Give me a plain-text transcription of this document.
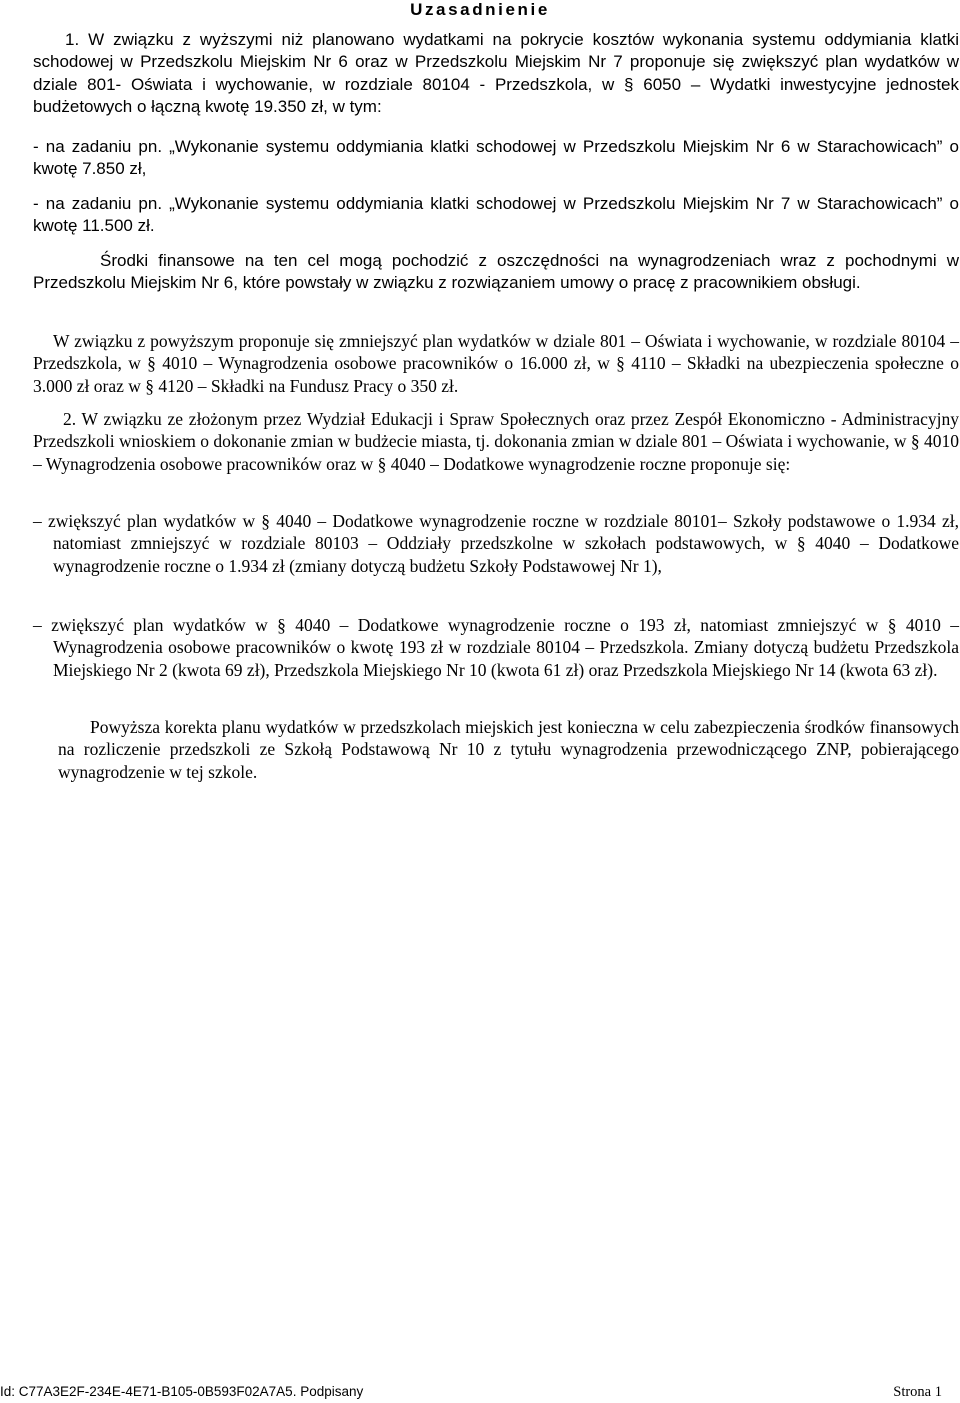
Uzasadnienie

1. W związku z wyższymi niż planowano wydatkami na pokrycie kosztów wykonania systemu oddymiania klatki schodowej w Przedszkolu Miejskim Nr 6 oraz w Przedszkolu Miejskim Nr 7 proponuje się zwiększyć plan wydatków w dziale 801- Oświata i wychowanie, w rozdziale 80104 - Przedszkola, w § 6050 – Wydatki inwestycyjne jednostek budżetowych o łączną kwotę 19.350 zł, w tym:

- na zadaniu pn. „Wykonanie systemu oddymiania klatki schodowej w Przedszkolu Miejskim Nr 6 w Starachowicach” o kwotę 7.850 zł,

- na zadaniu pn. „Wykonanie systemu oddymiania klatki schodowej w Przedszkolu Miejskim Nr 7 w Starachowicach” o kwotę 11.500 zł.

Środki finansowe na ten cel mogą pochodzić z oszczędności na wynagrodzeniach wraz z pochodnymi w Przedszkolu Miejskim Nr 6, które powstały w związku z rozwiązaniem umowy o pracę z pracownikiem obsługi.

W związku z powyższym proponuje się zmniejszyć plan wydatków w dziale 801 – Oświata i wychowanie, w rozdziale 80104 – Przedszkola, w § 4010 – Wynagrodzenia osobowe pracowników o 16.000 zł, w § 4110 – Składki na ubezpieczenia społeczne o 3.000 zł oraz w § 4120 – Składki na Fundusz Pracy o 350 zł.

2. W związku ze złożonym przez Wydział Edukacji i Spraw Społecznych oraz przez Zespół Ekonomiczno - Administracyjny Przedszkoli wnioskiem o dokonanie zmian w budżecie miasta, tj. dokonania zmian w dziale 801 – Oświata i wychowanie, w § 4010 – Wynagrodzenia osobowe pracowników oraz w § 4040 – Dodatkowe wynagrodzenie roczne proponuje się:

– zwiększyć plan wydatków w § 4040 – Dodatkowe wynagrodzenie roczne w rozdziale 80101– Szkoły podstawowe o 1.934 zł, natomiast zmniejszyć w rozdziale 80103 – Oddziały przedszkolne w szkołach podstawowych, w § 4040 – Dodatkowe wynagrodzenie roczne o 1.934 zł (zmiany dotyczą budżetu Szkoły Podstawowej Nr 1),

– zwiększyć plan wydatków w § 4040 – Dodatkowe wynagrodzenie roczne o 193 zł, natomiast zmniejszyć w § 4010 – Wynagrodzenia osobowe pracowników o kwotę 193 zł w rozdziale 80104 – Przedszkola. Zmiany dotyczą budżetu Przedszkola Miejskiego Nr 2 (kwota 69 zł), Przedszkola Miejskiego Nr 10 (kwota 61 zł) oraz Przedszkola Miejskiego Nr 14 (kwota 63 zł).

Powyższa korekta planu wydatków w przedszkolach miejskich jest konieczna w celu zabezpieczenia środków finansowych na rozliczenie przedszkoli ze Szkołą Podstawową Nr 10 z tytułu wynagrodzenia przewodniczącego ZNP, pobierającego wynagrodzenie w tej szkole.

Id: C77A3E2F-234E-4E71-B105-0B593F02A7A5. Podpisany	Strona 1
